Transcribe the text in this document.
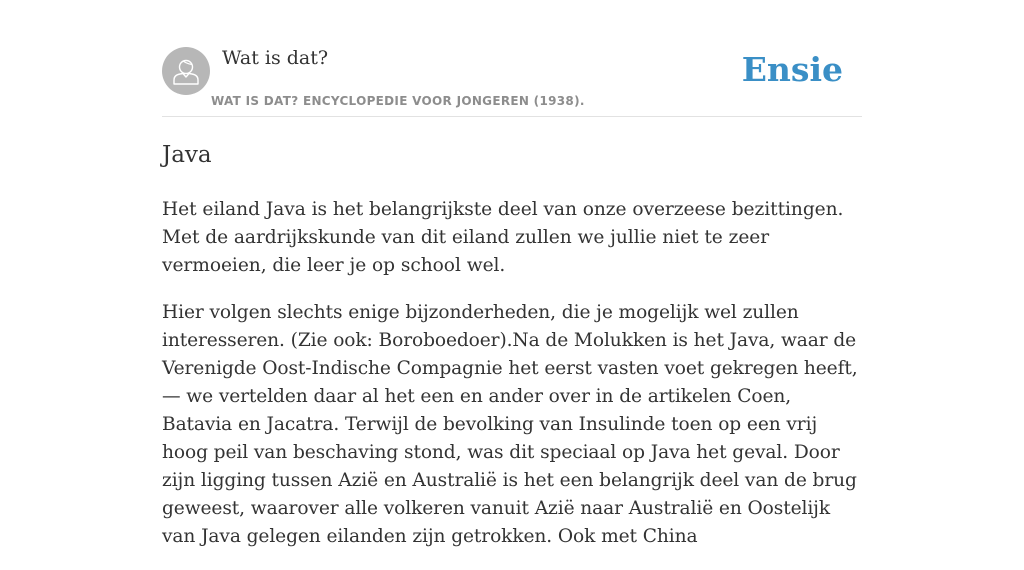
Wat is dat?
WAT IS DAT? ENCYCLOPEDIE VOOR JONGEREN (1938).
Ensie
Java

Het eiland Java is het belangrijkste deel van onze overzeese bezittingen. Met de aardrijkskunde van dit eiland zullen we jullie niet te zeer vermoeien, die leer je op school wel.

Hier volgen slechts enige bijzonderheden, die je mogelijk wel zullen interesseren. (Zie ook: Boroboedoer).Na de Molukken is het Java, waar de Verenigde Oost-Indische Compagnie het eerst vasten voet gekregen heeft, — we vertelden daar al het een en ander over in de artikelen Coen, Batavia en Jacatra. Terwijl de bevolking van Insulinde toen op een vrij hoog peil van beschaving stond, was dit speciaal op Java het geval. Door zijn ligging tussen Azië en Australië is het een belangrijk deel van de brug geweest, waarover alle volkeren vanuit Azië naar Australië en Oostelijk van Java gelegen eilanden zijn getrokken. Ook met China
